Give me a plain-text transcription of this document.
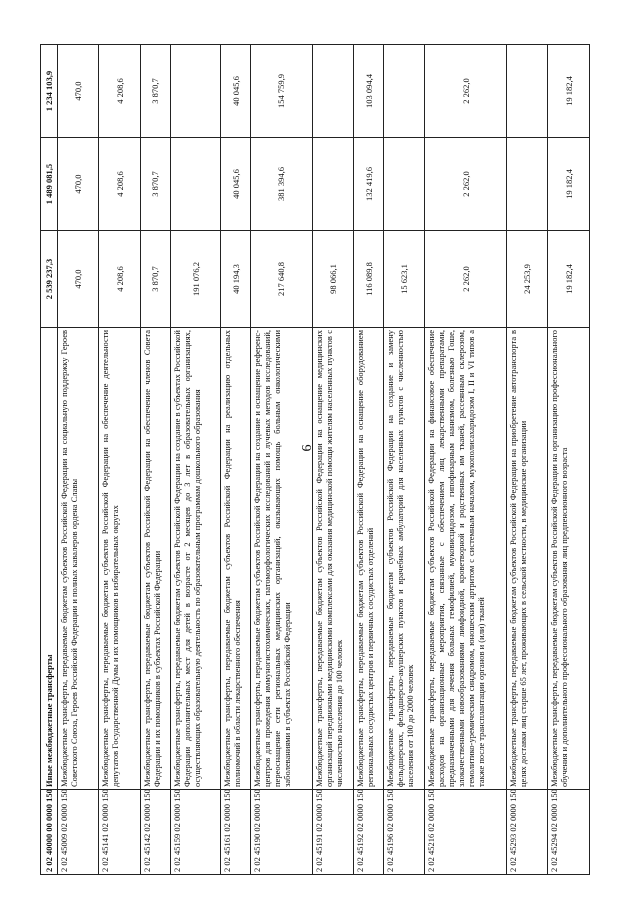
6
2 02 40000 00 0000 150	Иные межбюджетные трансферты	2 539 237,3	1 489 081,5	1 234 103,9
2 02 45009 02 0000 150	Межбюджетные трансферты, передаваемые бюджетам субъектов Российской Федерации на социальную поддержку Героев Советского Союза, Героев Российской Федерации и полных кавалеров ордена Славы	470,0	470,0	470,0
2 02 45141 02 0000 150	Межбюджетные трансферты, передаваемые бюджетам субъектов Российской Федерации на обеспечение деятельности депутатов Государственной Думы и их помощников в избирательных округах	4 208,6	4 208,6	4 208,6
2 02 45142 02 0000 150	Межбюджетные трансферты, передаваемые бюджетам субъектов Российской Федерации на обеспечение членов Совета Федерации и их помощников в субъектах Российской Федерации	3 870,7	3 870,7	3 870,7
2 02 45159 02 0000 150	Межбюджетные трансферты, передаваемые бюджетам субъектов Российской Федерации на создание в субъектах Российской Федерации дополнительных мест для детей в возрасте от 2 месяцев до 3 лет в образовательных организациях, осуществляющих образовательную деятельность по образовательным программам дошкольного образования	191 076,2		
2 02 45161 02 0000 150	Межбюджетные трансферты, передаваемые бюджетам субъектов Российской Федерации на реализацию отдельных полномочий в области лекарственного обеспечения	40 194,3	40 045,6	40 045,6
2 02 45190 02 0000 150	Межбюджетные трансферты, передаваемые бюджетам субъектов Российской Федерации на создание и оснащение референс-центров для проведения иммуногистохимических, патоморфологических исследований и лучевых методов исследований, переоснащение сети региональных медицинских организаций, оказывающих помощь больным онкологическими заболеваниями в субъектах Российской Федерации	217 640,8	381 394,6	154 759,9
2 02 45191 02 0000 150	Межбюджетные трансферты, передаваемые бюджетам субъектов Российской Федерации на оснащение медицинских организаций передвижными медицинскими комплексами для оказания медицинской помощи жителям населенных пунктов с численностью населения до 100 человек	98 066,1		
2 02 45192 02 0000 150	Межбюджетные трансферты, передаваемые бюджетам субъектов Российской Федерации на оснащение оборудованием региональных сосудистых центров и первичных сосудистых отделений	116 089,8	132 419,6	103 094,4
2 02 45196 02 0000 150	Межбюджетные трансферты, передаваемые бюджетам субъектов Российской Федерации на создание и замену фельдшерских, фельдшерско-акушерских пунктов и врачебных амбулаторий для населенных пунктов с численностью населения от 100 до 2000 человек	15 623,1		
2 02 45216 02 0000 150	Межбюджетные трансферты, передаваемые бюджетам субъектов Российской Федерации на финансовое обеспечение расходов на организационные мероприятия, связанные с обеспечением лиц лекарственными препаратами, предназначенными для лечения больных гемофилией, муковисцидозом, гипофизарным нанизмом, болезнью Гоше, злокачественными новообразованиями лимфоидной, кроветворной и родственных им тканей, рассеянным склерозом, гемолитико-уремическим синдромом, юношеским артритом с системным началом, мукополисахаридозом I, II и VI типов а также после трансплантации органов и (или) тканей	2 262,0	2 262,0	2 262,0
2 02 45293 02 0000 150	Межбюджетные трансферты, передаваемые бюджетам субъектов Российской Федерации на приобретение автотранспорта в целях доставки лиц старше 65 лет, проживающих в сельской местности, в медицинские организации	24 253,9		
2 02 45294 02 0000 150	Межбюджетные трансферты, передаваемые бюджетам субъектов Российской Федерации на организацию профессионального обучения и дополнительного профессионального образования лиц предпенсионного возраста	19 182,4	19 182,4	19 182,4
